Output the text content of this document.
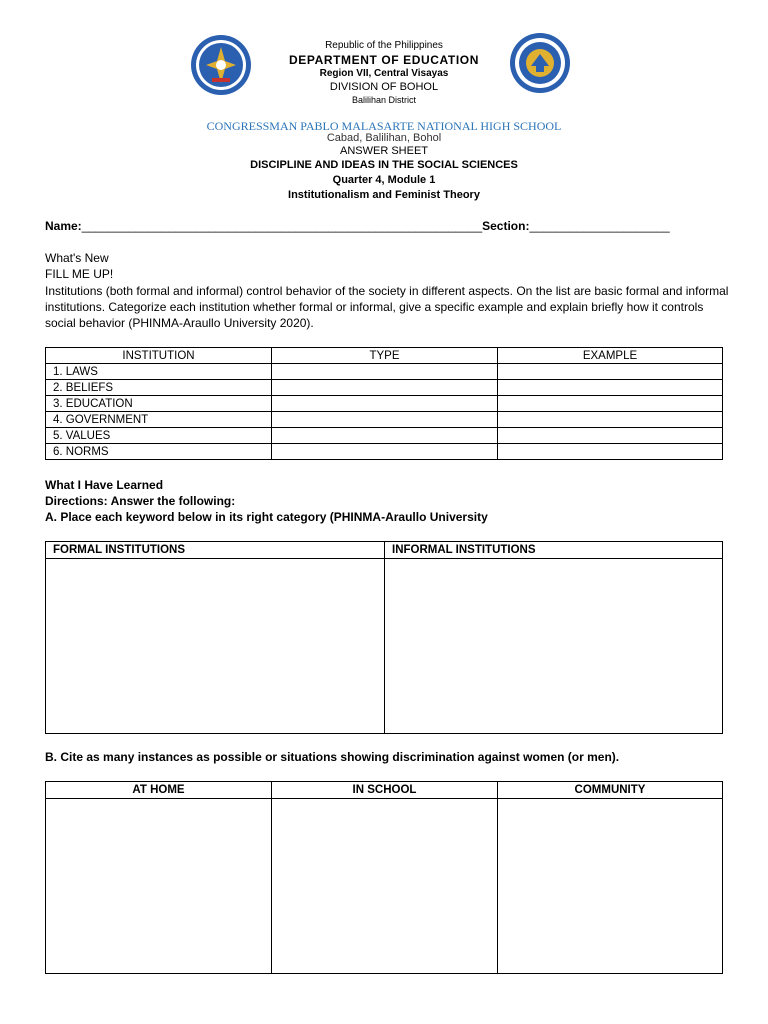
Republic of the Philippines
DEPARTMENT OF EDUCATION
Region VII, Central Visayas
DIVISION OF BOHOL
Balilihan District
CONGRESSMAN PABLO MALASARTE NATIONAL HIGH SCHOOL
Cabad, Balilihan, Bohol
ANSWER SHEET
DISCIPLINE AND IDEAS IN THE SOCIAL SCIENCES
Quarter 4, Module 1
Institutionalism and Feminist Theory
Name:____________________________________________________________Section:_____________________
What's New
FILL ME UP!
Institutions (both formal and informal) control behavior of the society in different aspects. On the list are basic formal and informal institutions. Categorize each institution whether formal or informal, give a specific example and explain briefly how it controls social behavior (PHINMA-Araullo University 2020).
INSTITUTION	TYPE	EXAMPLE
1. LAWS		
2. BELIEFS		
3. EDUCATION		
4. GOVERNMENT		
5. VALUES		
6. NORMS		
What I Have Learned
Directions: Answer the following:
A. Place each keyword below in its right category (PHINMA-Araullo University
FORMAL INSTITUTIONS	INFORMAL INSTITUTIONS

B. Cite as many instances as possible or situations showing discrimination against women (or men).
AT HOME	IN SCHOOL	COMMUNITY
